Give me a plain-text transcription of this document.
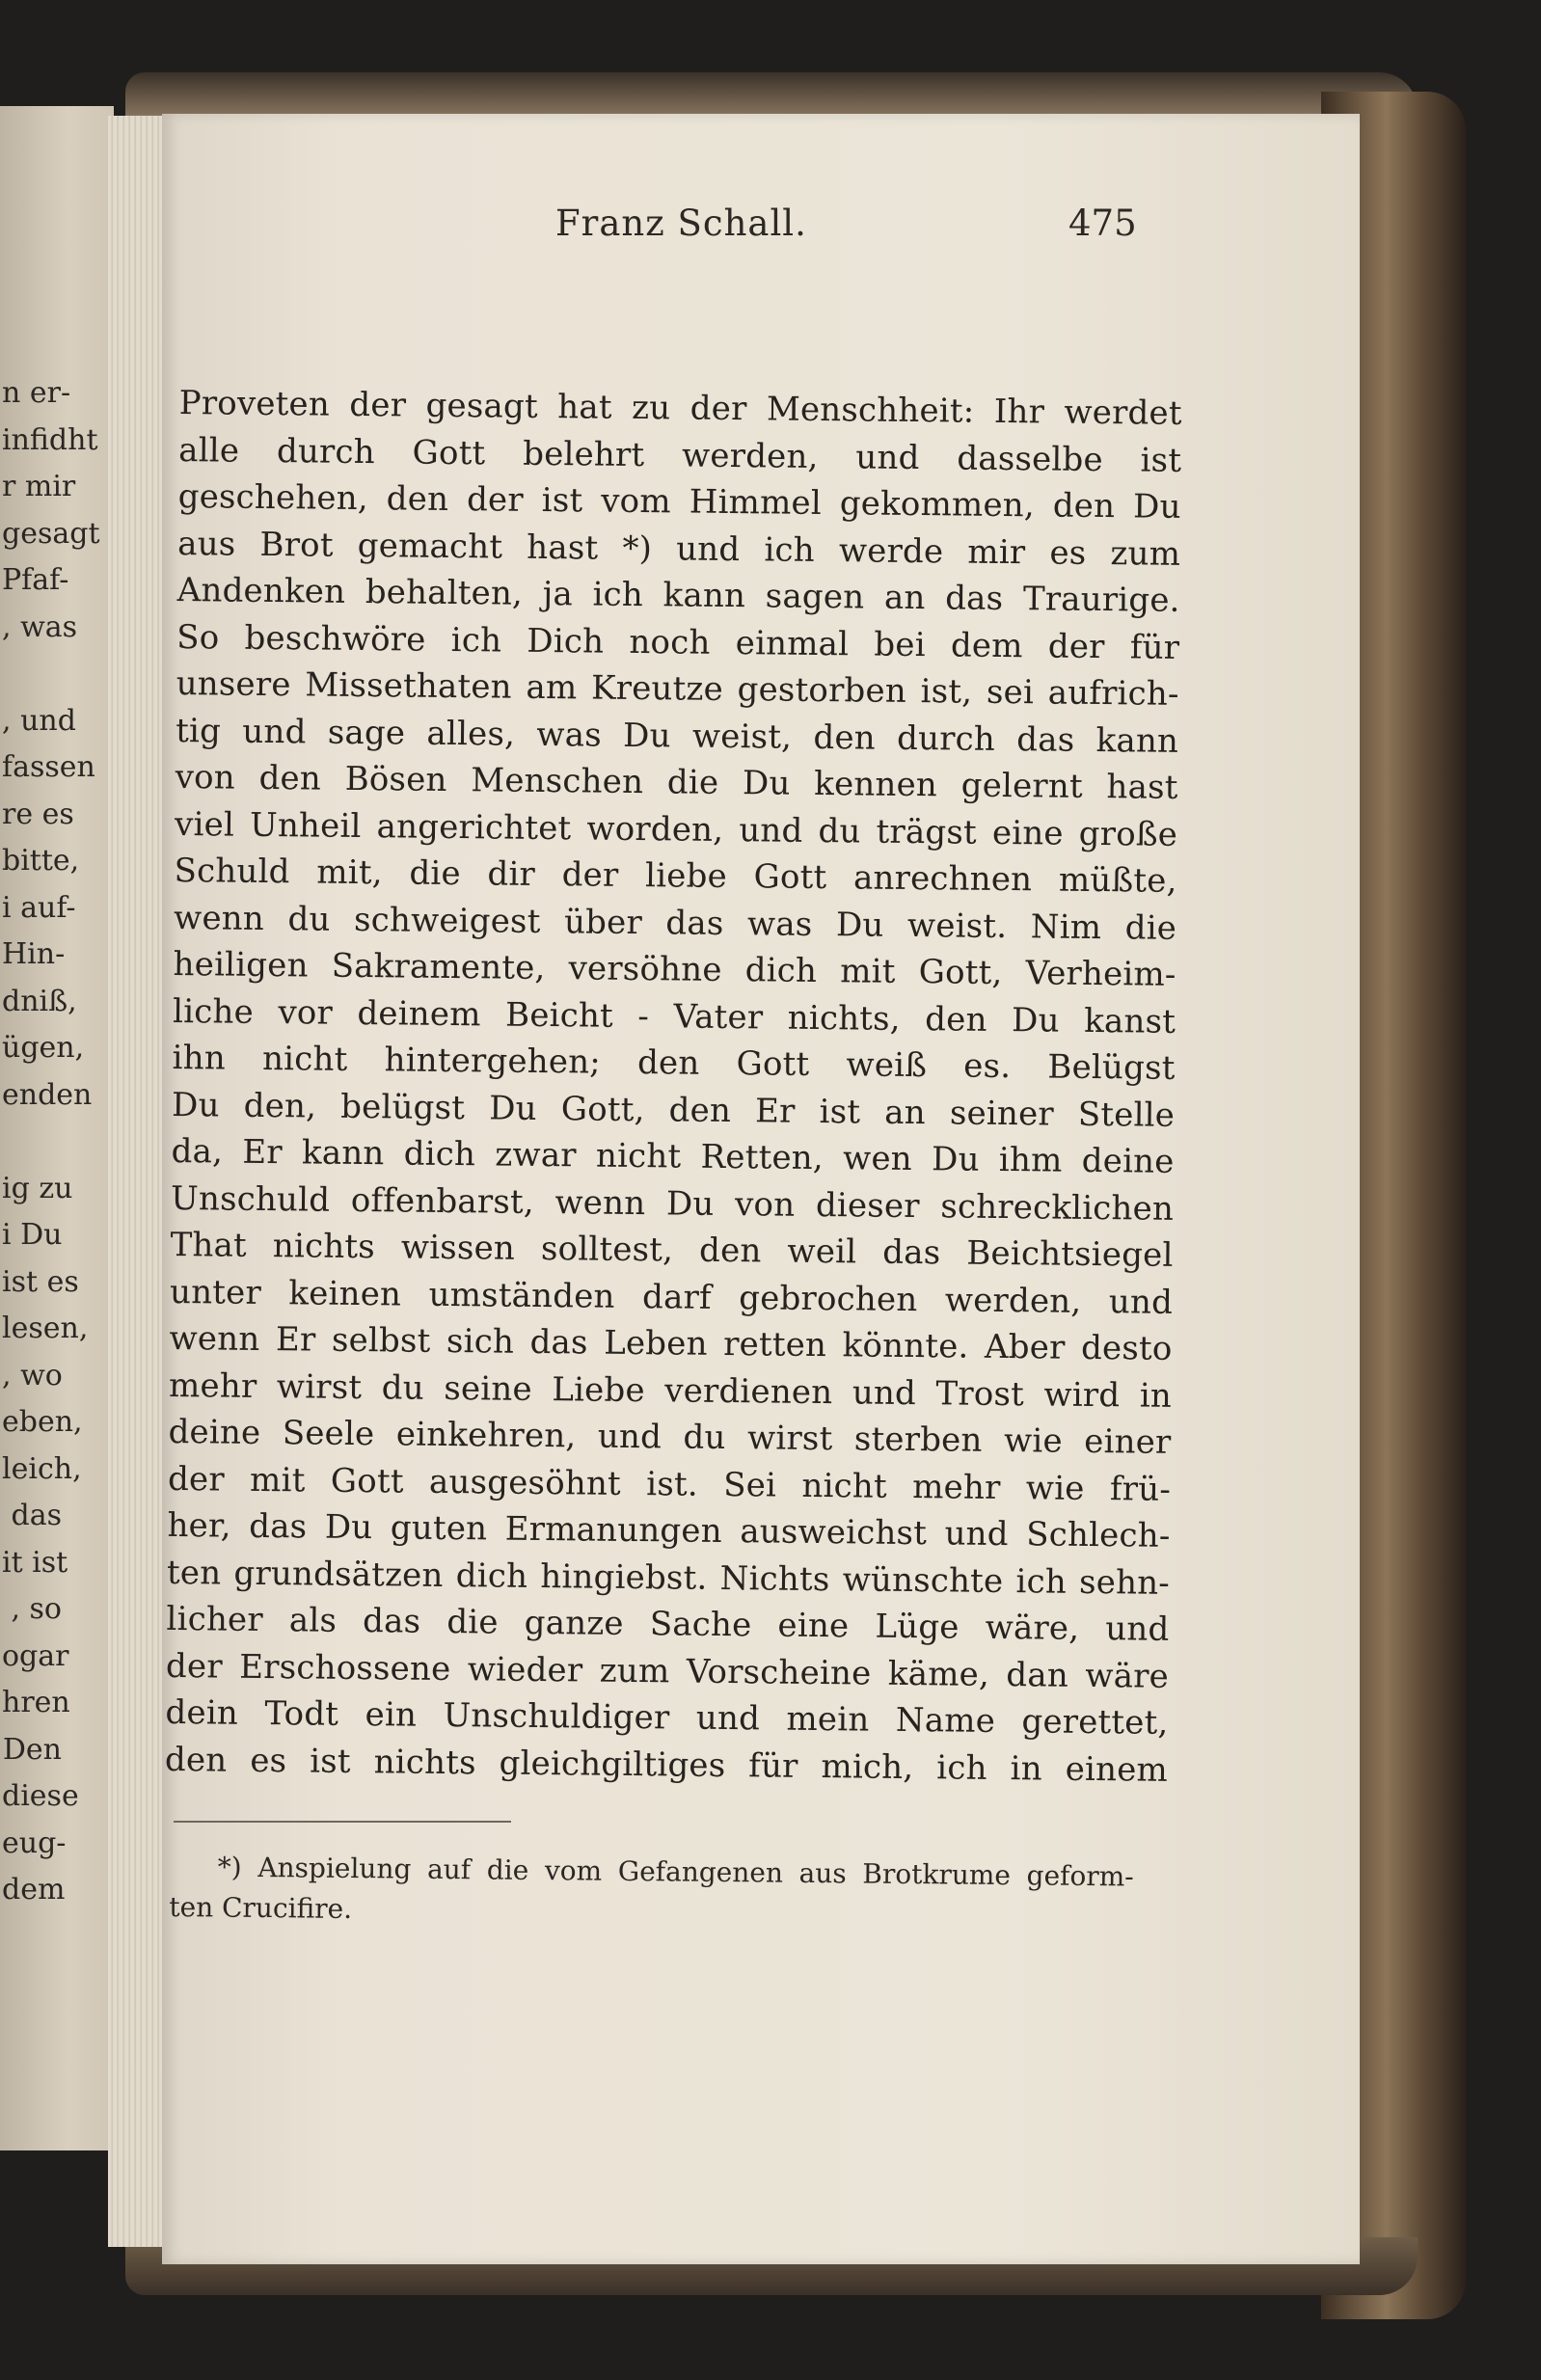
n er-
infidht
r mir
gesagt
Pfaf-
, was
, und
fassen
re es
bitte,
i auf-
Hin-
dniß,
ügen,
enden
ig zu
i Du
ist es
lesen,
, wo
eben,
leich,
das
it ist
, so
ogar
hren
Den
diese
eug-
dem
Franz Schall.	475
Proveten der gesagt hat zu der Menschheit: Ihr werdet
alle durch Gott belehrt werden, und dasselbe ist
geschehen, den der ist vom Himmel gekommen, den Du
aus Brot gemacht hast *) und ich werde mir es zum
Andenken behalten, ja ich kann sagen an das Traurige.
So beschwöre ich Dich noch einmal bei dem der für
unsere Missethaten am Kreutze gestorben ist, sei aufrich-
tig und sage alles, was Du weist, den durch das kann
von den Bösen Menschen die Du kennen gelernt hast
viel Unheil angerichtet worden, und du trägst eine große
Schuld mit, die dir der liebe Gott anrechnen müßte,
wenn du schweigest über das was Du weist. Nim die
heiligen Sakramente, versöhne dich mit Gott, Verheim-
liche vor deinem Beicht - Vater nichts, den Du kanst
ihn nicht hintergehen; den Gott weiß es. Belügst
Du den, belügst Du Gott, den Er ist an seiner Stelle
da, Er kann dich zwar nicht Retten, wen Du ihm deine
Unschuld offenbarst, wenn Du von dieser schrecklichen
That nichts wissen solltest, den weil das Beichtsiegel
unter keinen umständen darf gebrochen werden, und
wenn Er selbst sich das Leben retten könnte. Aber desto
mehr wirst du seine Liebe verdienen und Trost wird in
deine Seele einkehren, und du wirst sterben wie einer
der mit Gott ausgesöhnt ist. Sei nicht mehr wie frü-
her, das Du guten Ermanungen ausweichst und Schlech-
ten grundsätzen dich hingiebst. Nichts wünschte ich sehn-
licher als das die ganze Sache eine Lüge wäre, und
der Erschossene wieder zum Vorscheine käme, dan wäre
dein Todt ein Unschuldiger und mein Name gerettet,
den es ist nichts gleichgiltiges für mich, ich in einem
*) Anspielung auf die vom Gefangenen aus Brotkrume geform-
ten Crucifire.
